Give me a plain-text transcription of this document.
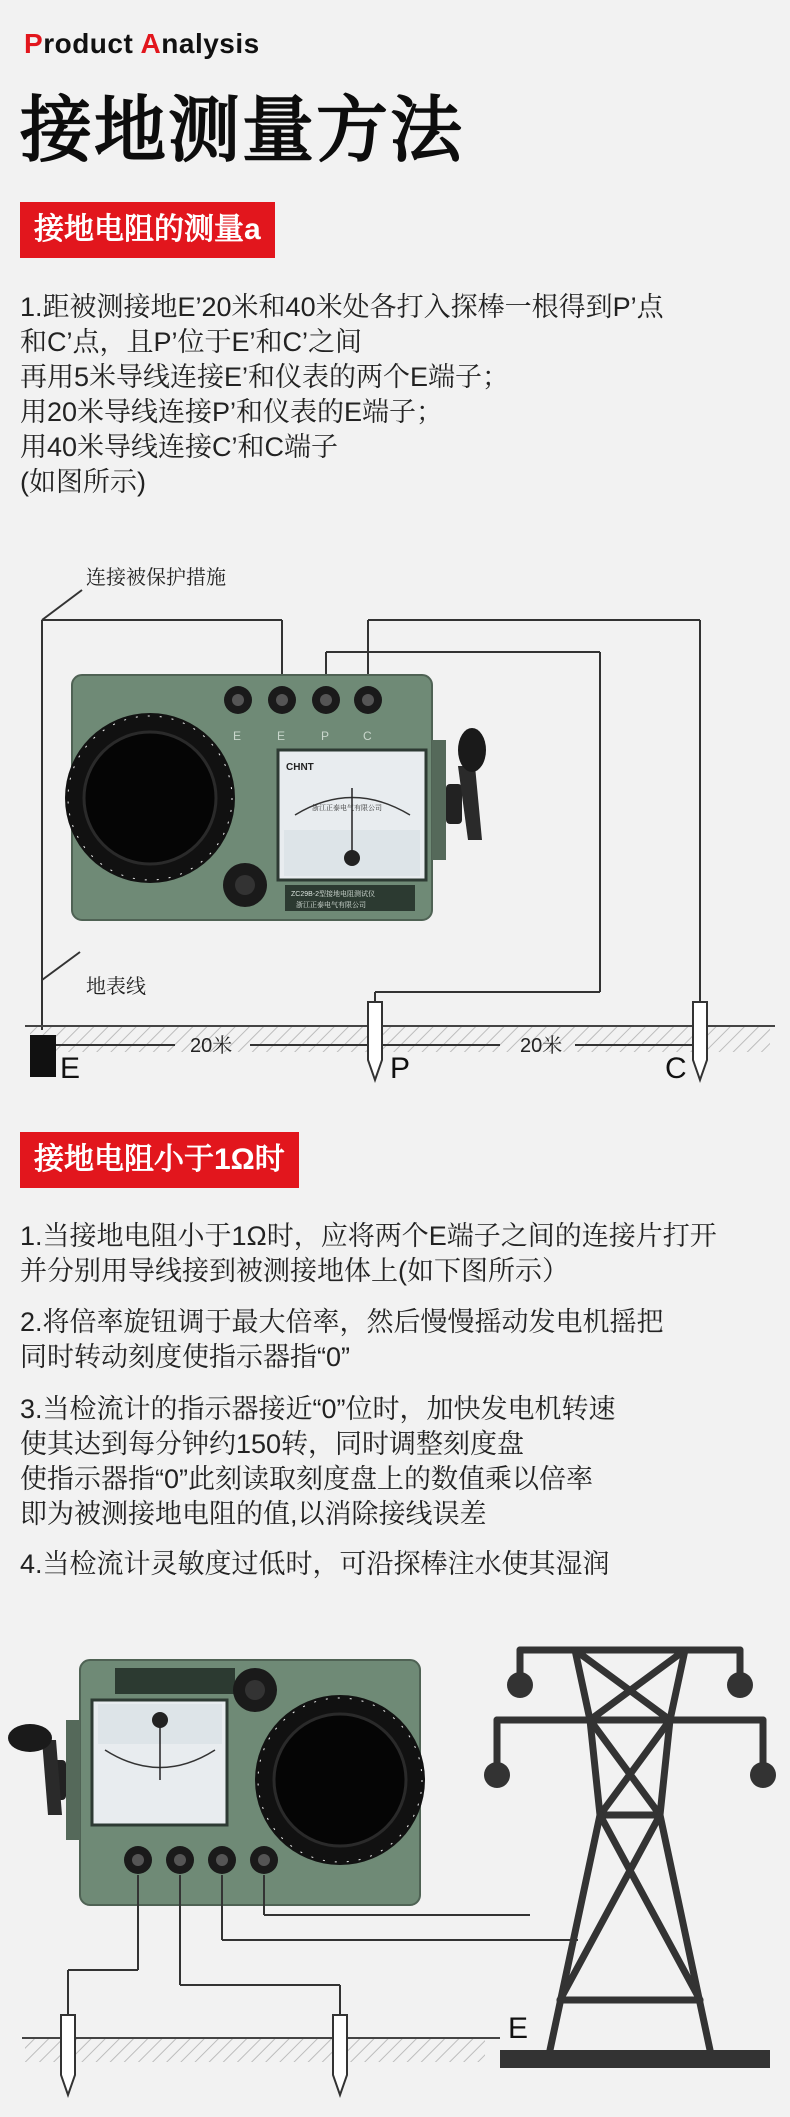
Product Analysis
接地测量方法
接地电阻的测量a

1.距被测接地E’20米和40米处各打入探棒一根得到P’点

和C’点，且P’位于E’和C’之间

再用5米导线连接E’和仪表的两个E端子；

用20米导线连接P’和仪表的E端子；

用40米导线连接C’和C端子

(如图所示)

连接被保护措施
地表线
E	E	P	C
CHNT
浙江正泰电气有限公司
ZC29B-2型接地电阻测试仪
浙江正泰电气有限公司
20米	20米
E	P	C
接地电阻小于1Ω时

1.当接地电阻小于1Ω时，应将两个E端子之间的连接片打开

并分别用导线接到被测接地体上(如下图所示）

2.将倍率旋钮调于最大倍率，然后慢慢摇动发电机摇把

同时转动刻度使指示器指“0”

3.当检流计的指示器接近“0”位时，加快发电机转速

使其达到每分钟约150转，同时调整刻度盘

使指示器指“0”此刻读取刻度盘上的数值乘以倍率

即为被测接地电阻的值,以消除接线误差

4.当检流计灵敏度过低时，可沿探棒注水使其湿润

E
